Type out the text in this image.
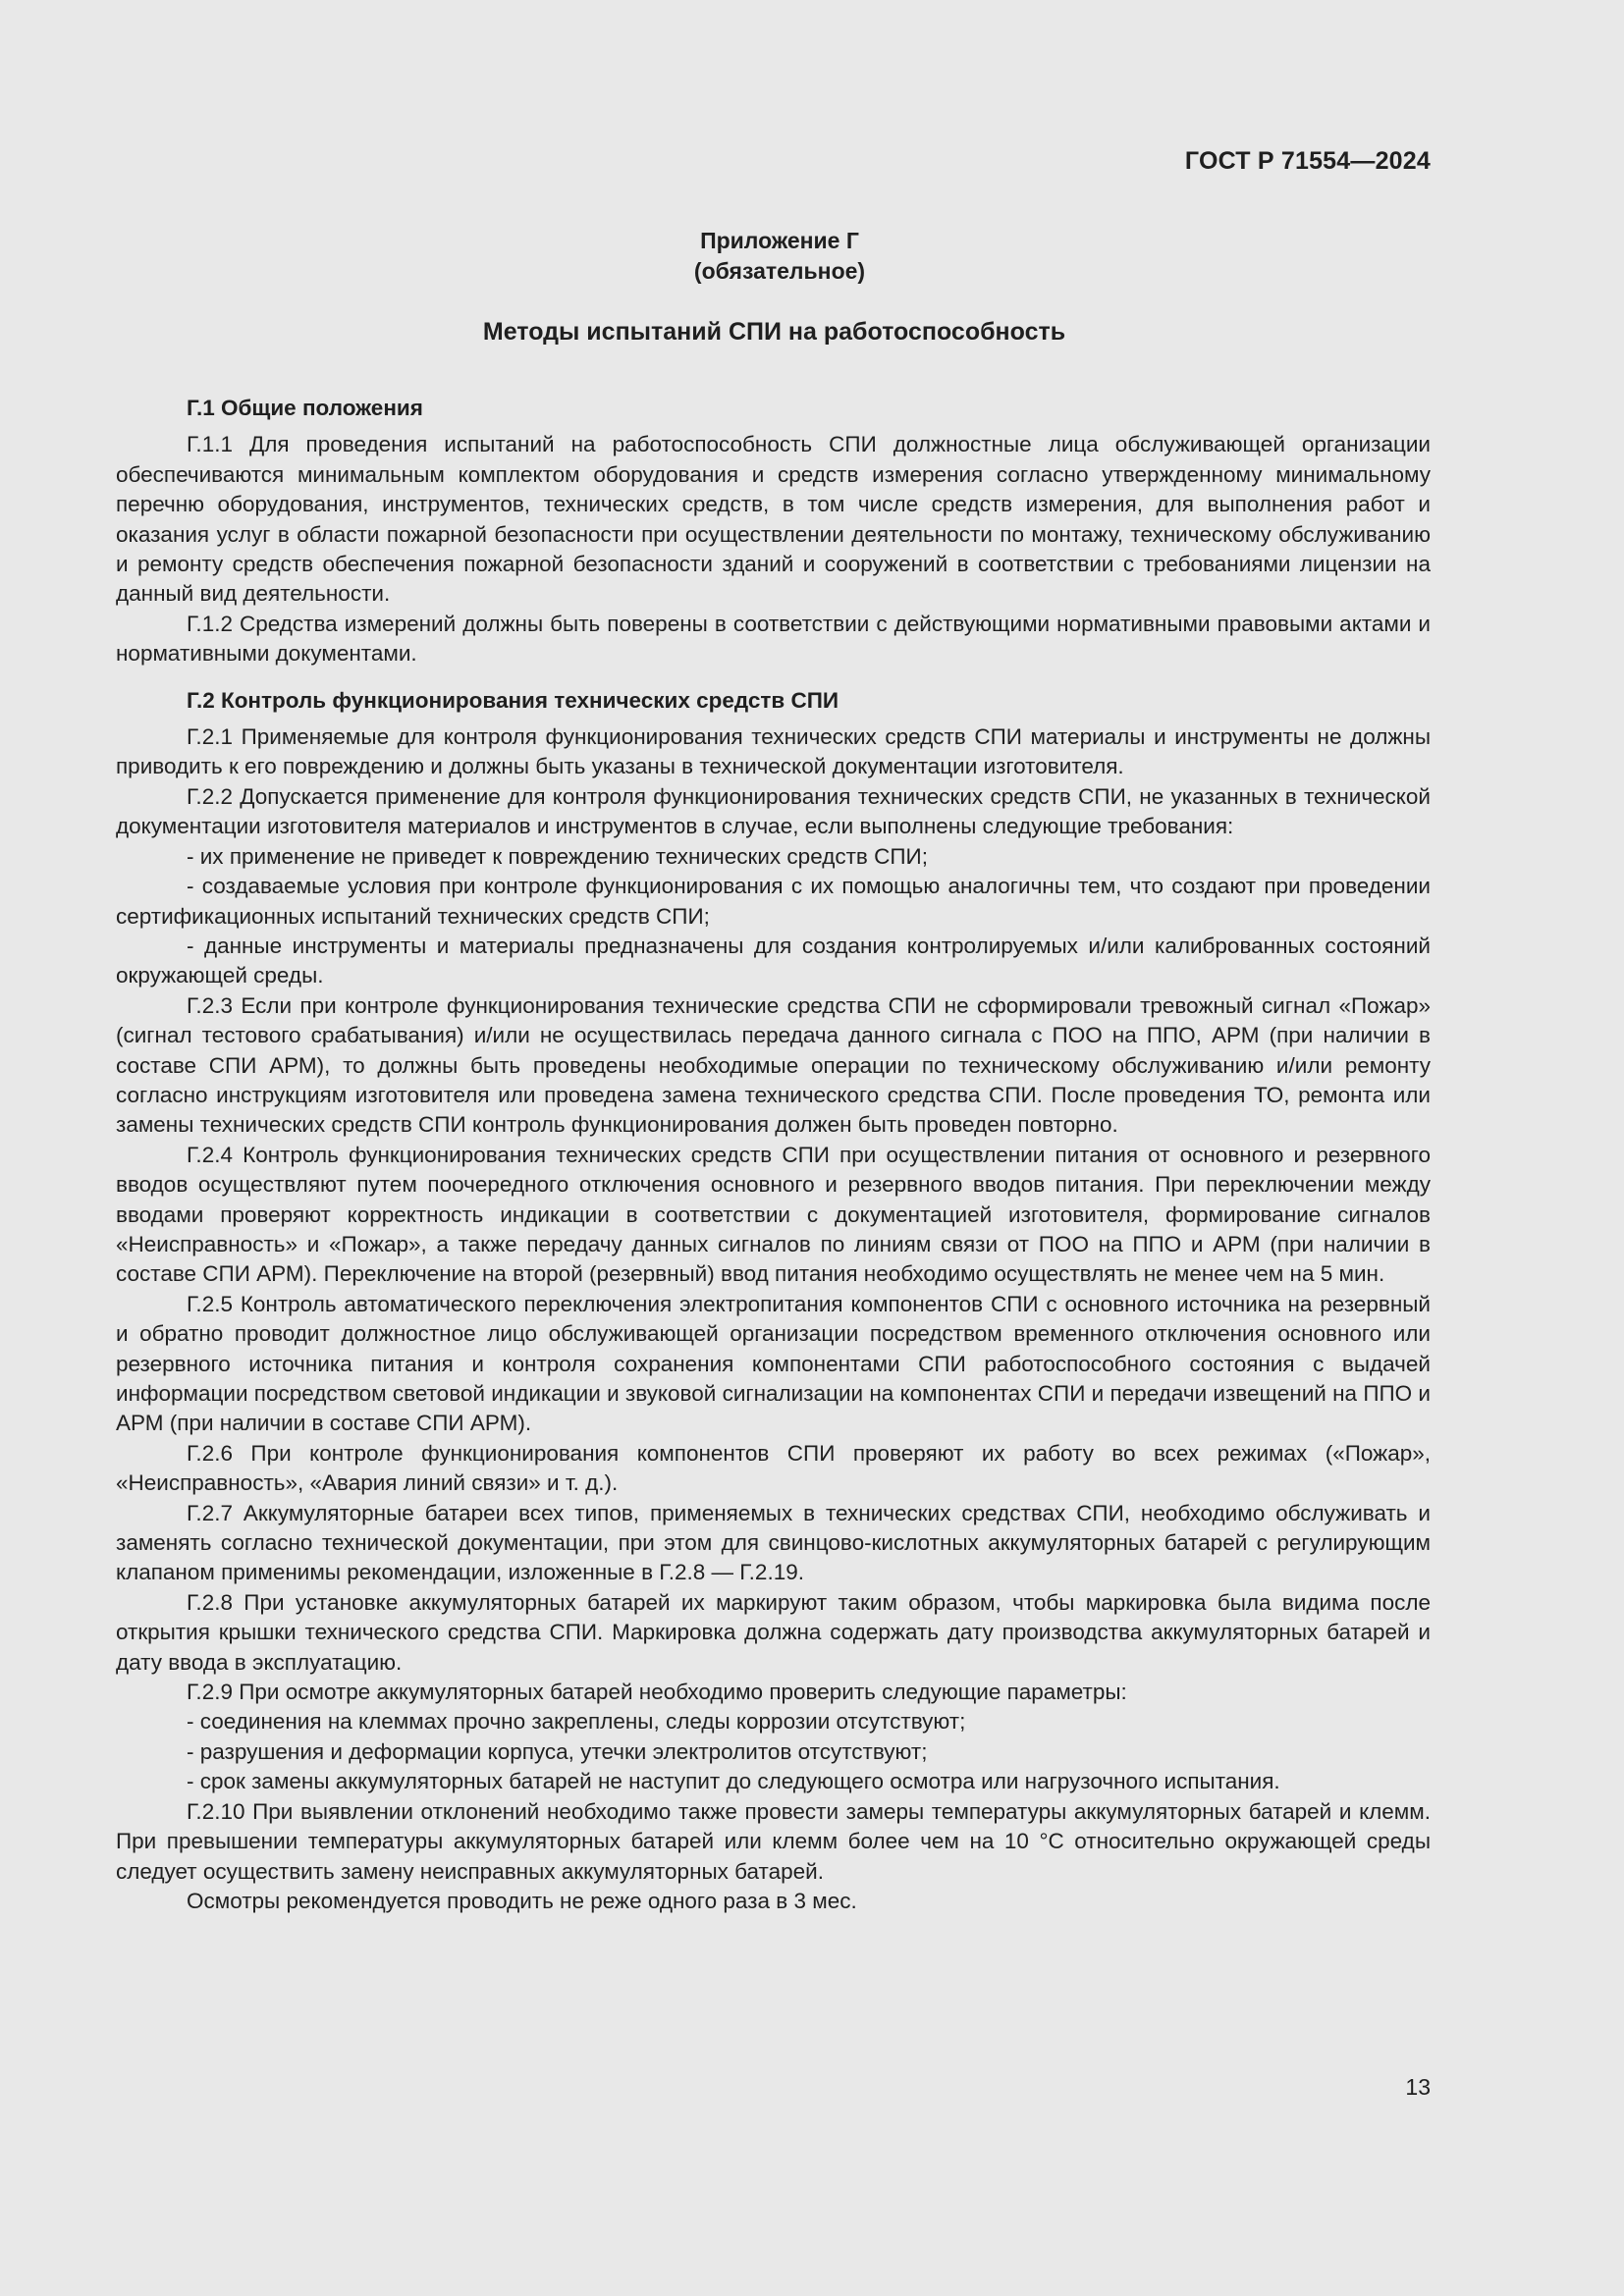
ГОСТ Р 71554—2024
Приложение Г
(обязательное)
Методы испытаний СПИ на работоспособность
Г.1 Общие положения

Г.1.1 Для проведения испытаний на работоспособность СПИ должностные лица обслуживающей организации обеспечиваются минимальным комплектом оборудования и средств измерения согласно утвержденному минимальному перечню оборудования, инструментов, технических средств, в том числе средств измерения, для выполнения работ и оказания услуг в области пожарной безопасности при осуществлении деятельности по монтажу, техническому обслуживанию и ремонту средств обеспечения пожарной безопасности зданий и сооружений в соответствии с требованиями лицензии на данный вид деятельности.

Г.1.2 Средства измерений должны быть поверены в соответствии с действующими нормативными правовыми актами и нормативными документами.

Г.2 Контроль функционирования технических средств СПИ

Г.2.1 Применяемые для контроля функционирования технических средств СПИ материалы и инструменты не должны приводить к его повреждению и должны быть указаны в технической документации изготовителя.

Г.2.2 Допускается применение для контроля функционирования технических средств СПИ, не указанных в технической документации изготовителя материалов и инструментов в случае, если выполнены следующие требования:

- их применение не приведет к повреждению технических средств СПИ;

- создаваемые условия при контроле функционирования с их помощью аналогичны тем, что создают при проведении сертификационных испытаний технических средств СПИ;

- данные инструменты и материалы предназначены для создания контролируемых и/или калиброванных состояний окружающей среды.

Г.2.3 Если при контроле функционирования технические средства СПИ не сформировали тревожный сигнал «Пожар» (сигнал тестового срабатывания) и/или не осуществилась передача данного сигнала с ПОО на ППО, АРМ (при наличии в составе СПИ АРМ), то должны быть проведены необходимые операции по техническому обслуживанию и/или ремонту согласно инструкциям изготовителя или проведена замена технического средства СПИ. После проведения ТО, ремонта или замены технических средств СПИ контроль функционирования должен быть проведен повторно.

Г.2.4 Контроль функционирования технических средств СПИ при осуществлении питания от основного и резервного вводов осуществляют путем поочередного отключения основного и резервного вводов питания. При переключении между вводами проверяют корректность индикации в соответствии с документацией изготовителя, формирование сигналов «Неисправность» и «Пожар», а также передачу данных сигналов по линиям связи от ПОО на ППО и АРМ (при наличии в составе СПИ АРМ). Переключение на второй (резервный) ввод питания необходимо осуществлять не менее чем на 5 мин.

Г.2.5 Контроль автоматического переключения электропитания компонентов СПИ с основного источника на резервный и обратно проводит должностное лицо обслуживающей организации посредством временного отключения основного или резервного источника питания и контроля сохранения компонентами СПИ работоспособного состояния с выдачей информации посредством световой индикации и звуковой сигнализации на компонентах СПИ и передачи извещений на ППО и АРМ (при наличии в составе СПИ АРМ).

Г.2.6 При контроле функционирования компонентов СПИ проверяют их работу во всех режимах («Пожар», «Неисправность», «Авария линий связи» и т. д.).

Г.2.7 Аккумуляторные батареи всех типов, применяемых в технических средствах СПИ, необходимо обслуживать и заменять согласно технической документации, при этом для свинцово-кислотных аккумуляторных батарей с регулирующим клапаном применимы рекомендации, изложенные в Г.2.8 — Г.2.19.

Г.2.8 При установке аккумуляторных батарей их маркируют таким образом, чтобы маркировка была видима после открытия крышки технического средства СПИ. Маркировка должна содержать дату производства аккумуляторных батарей и дату ввода в эксплуатацию.

Г.2.9 При осмотре аккумуляторных батарей необходимо проверить следующие параметры:

- соединения на клеммах прочно закреплены, следы коррозии отсутствуют;

- разрушения и деформации корпуса, утечки электролитов отсутствуют;

- срок замены аккумуляторных батарей не наступит до следующего осмотра или нагрузочного испытания.

Г.2.10 При выявлении отклонений необходимо также провести замеры температуры аккумуляторных батарей и клемм. При превышении температуры аккумуляторных батарей или клемм более чем на 10 °С относительно окружающей среды следует осуществить замену неисправных аккумуляторных батарей.

Осмотры рекомендуется проводить не реже одного раза в 3 мес.

13
